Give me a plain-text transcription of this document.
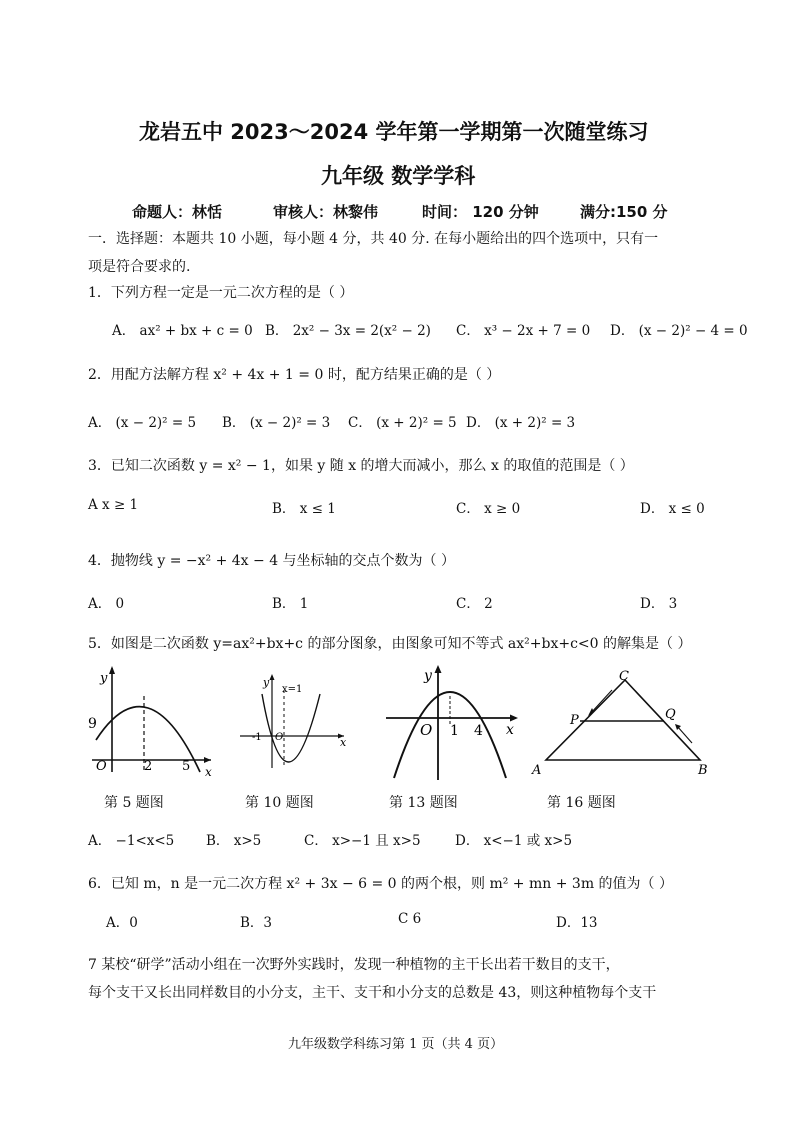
龙岩五中 2023～2024 学年第一学期第一次随堂练习
九年级 数学学科
命题人：林恬	审核人：林黎伟	时间： 120 分钟	满分:150 分
一．选择题：本题共 10 小题，每小题 4 分，共 40 分. 在每小题给出的四个选项中，只有一
项是符合要求的.
1．下列方程一定是一元二次方程的是（ ）
A． ax² + bx + c = 0 B． 2x² − 3x = 2(x² − 2) C． x³ − 2x + 7 = 0 D． (x − 2)² − 4 = 0
2．用配方法解方程 x² + 4x + 1 = 0 时，配方结果正确的是（ ）
A． (x − 2)² = 5 B． (x − 2)² = 3 C． (x + 2)² = 5 D． (x + 2)² = 3
3．已知二次函数 y = x² − 1，如果 y 随 x 的增大而减小，那么 x 的取值的范围是（ ）
A x ≥ 1	B． x ≤ 1	C． x ≥ 0	D． x ≤ 0
4．抛物线 y = −x² + 4x − 4 与坐标轴的交点个数为（ ）
A． 0	B． 1	C． 2	D． 3
5．如图是二次函数 y=ax²+bx+c 的部分图象，由图象可知不等式 ax²+bx+c<0 的解集是（ ）
y
x
9
O	2 5
y
x
x=1
-1 O
y
x
O 1 4
A	B
C
P	Q
第 5 题图	第 10 题图	第 13 题图	第 16 题图
A． −1<x<5 B． x>5	C． x>−1 且 x>5	D． x<−1 或 x>5
6．已知 m，n 是一元二次方程 x² + 3x − 6 = 0 的两个根，则 m² + mn + 3m 的值为（ ）
A．0	B．3	C 6	D．13
7 某校“研学”活动小组在一次野外实践时，发现一种植物的主干长出若干数目的支干，
每个支干又长出同样数目的小分支，主干、支干和小分支的总数是 43，则这种植物每个支干
九年级数学科练习第 1 页（共 4 页）
